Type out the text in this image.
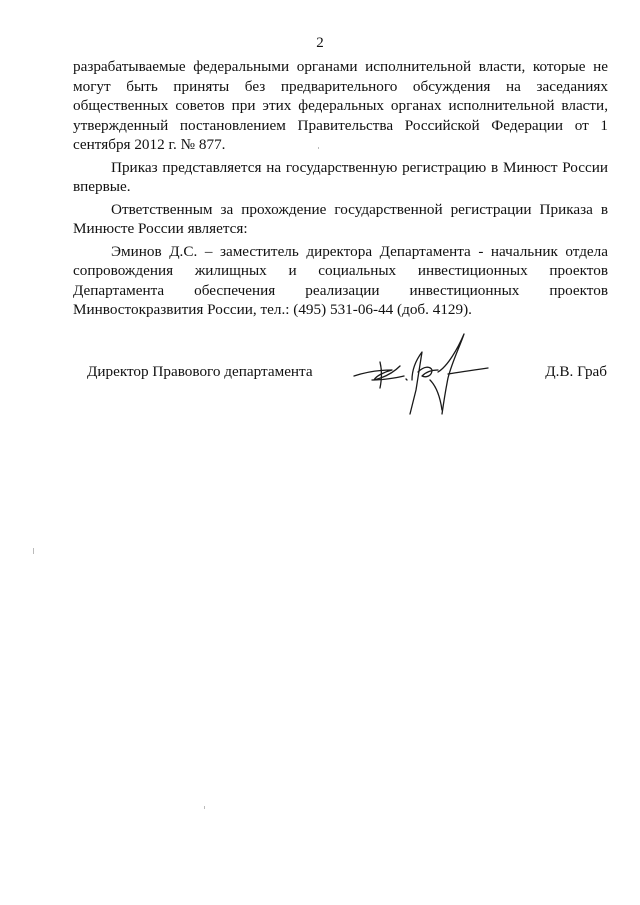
2

разрабатываемые федеральными органами исполнительной власти, которые не могут быть приняты без предварительного обсуждения на заседаниях общественных советов при этих федеральных органах исполнительной власти, утвержденный постановлением Правительства Российской Федерации от 1 сентября 2012 г. № 877.

Приказ представляется на государственную регистрацию в Минюст России впервые.

Ответственным за прохождение государственной регистрации Приказа в Минюсте России является:

Эминов Д.С. – заместитель директора Департамента - начальник отдела сопровождения жилищных и социальных инвестиционных проектов Департамента обеспечения реализации инвестиционных проектов Минвостокразвития России, тел.: (495) 531-06-44 (доб. 4129).

Директор Правового департамента	Д.В. Граб
